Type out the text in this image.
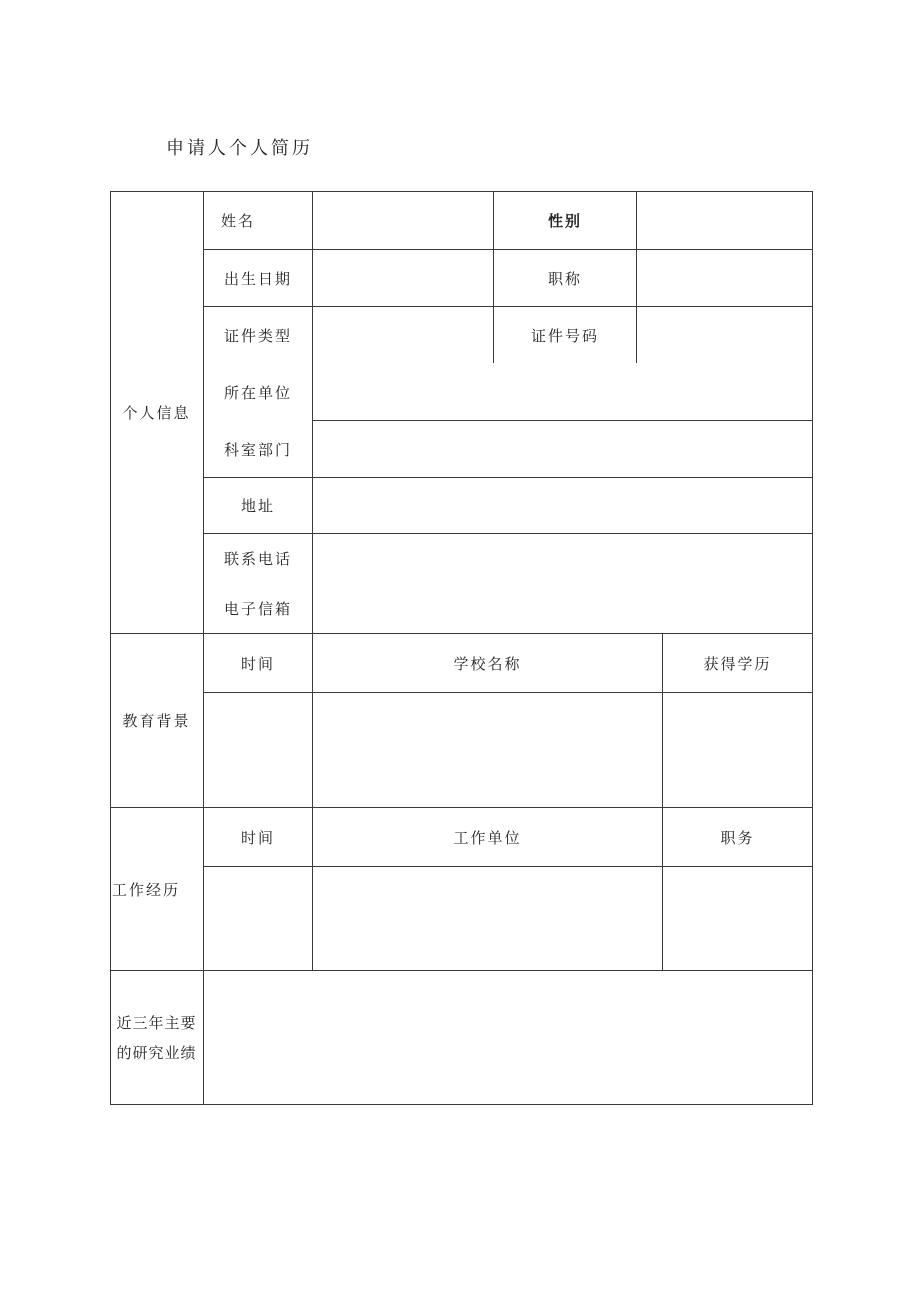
申请人个人简历
个人信息
姓名	性别
出生日期	职称
证件类型	证件号码
所在单位
科室部门
地址
联系电话
电子信箱
教育背景
时间	学校名称	获得学历
工作经历
时间	工作单位	职务
近三年主要
的研究业绩
